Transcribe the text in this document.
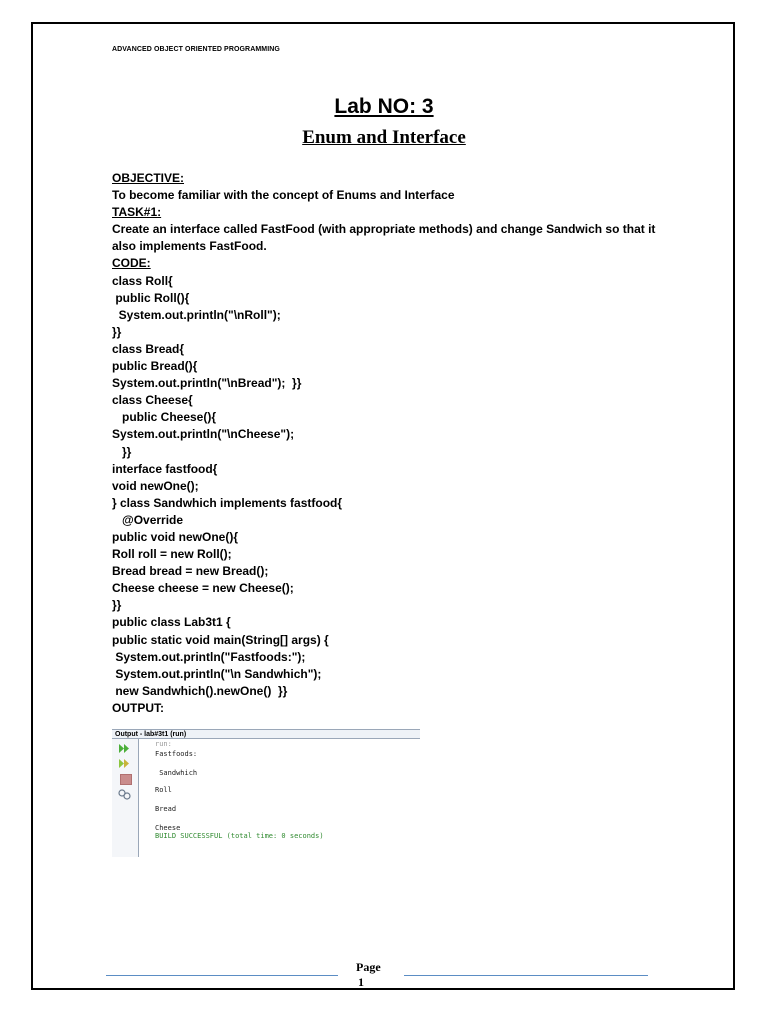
ADVANCED OBJECT ORIENTED PROGRAMMING
Lab NO: 3
Enum and Interface
OBJECTIVE:
To become familiar with the concept of Enums and Interface
TASK#1:
Create an interface called FastFood (with appropriate methods) and change Sandwich so that it also implements FastFood.
CODE:
class Roll{
public Roll(){
System.out.println("\nRoll");
}}
class Bread{
public Bread(){
System.out.println("\nBread");  }}
class Cheese{
public Cheese(){
System.out.println("\nCheese");
}}
interface fastfood{
void newOne();
} class Sandwhich implements fastfood{
@Override
public void newOne(){
Roll roll = new Roll();
Bread bread = new Bread();
Cheese cheese = new Cheese();
}}
public class Lab3t1 {
public static void main(String[] args) {
System.out.println("Fastfoods:");
System.out.println("\n Sandwhich");
new Sandwhich().newOne()  }}
OUTPUT:
Output - lab#3t1 (run)
run:
Fastfoods:
Sandwhich
Roll
Bread
Cheese
BUILD SUCCESSFUL (total time: 0 seconds)
Page
1
